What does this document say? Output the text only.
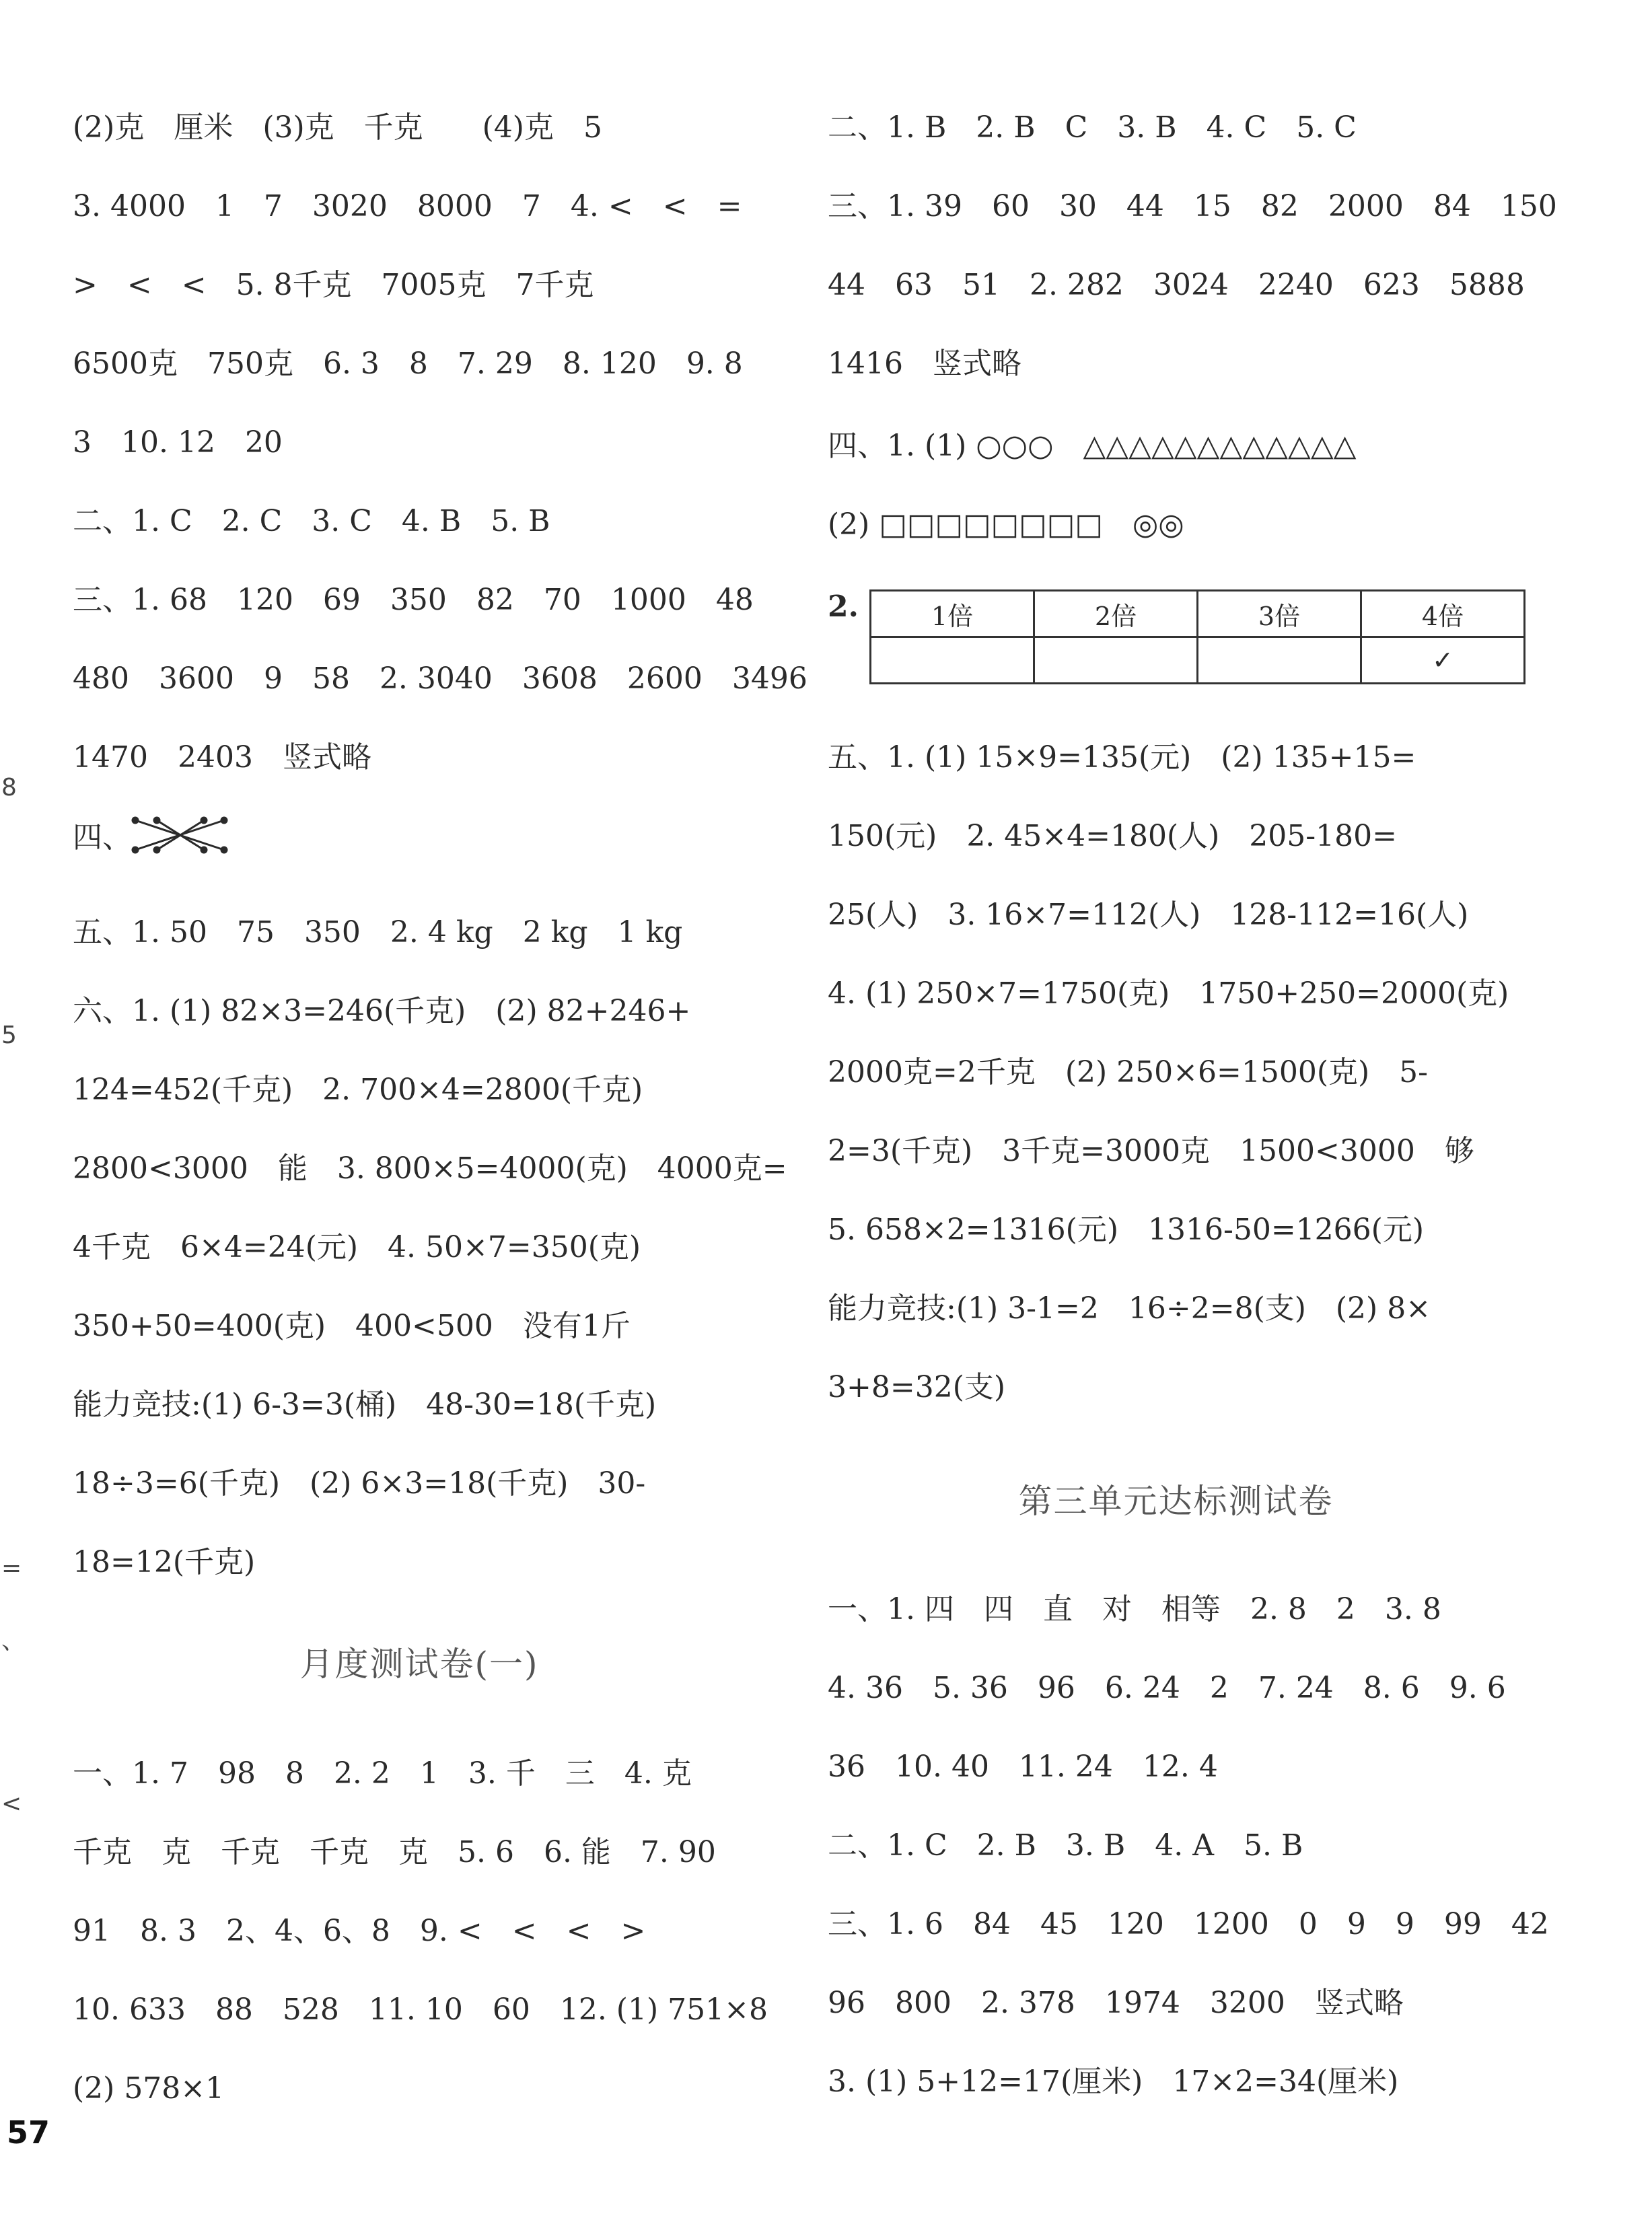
57
8
5
=
、
<
(2)克　厘米　(3)克　千克　　(4)克　5
3. 4000　1　7　3020　8000　7　4. <　<　=
>　<　<　5. 8千克　7005克　7千克
6500克　750克　6. 3　8　7. 29　8. 120　9. 8
3　10. 12　20
二、1. C　2. C　3. C　4. B　5. B
三、1. 68　120　69　350　82　70　1000　48
480　3600　9　58　2. 3040　3608　2600　3496
1470　2403　竖式略
四、
五、1. 50　75　350　2. 4 kg　2 kg　1 kg
六、1. (1) 82×3=246(千克)　(2) 82+246+
124=452(千克)　2. 700×4=2800(千克)
2800<3000　能　3. 800×5=4000(克)　4000克=
4千克　6×4=24(元)　4. 50×7=350(克)
350+50=400(克)　400<500　没有1斤
能力竞技:(1) 6-3=3(桶)　48-30=18(千克)
18÷3=6(千克)　(2) 6×3=18(千克)　30-
18=12(千克)
月度测试卷(一)
一、1. 7　98　8　2. 2　1　3. 千　三　4. 克
千克　克　千克　千克　克　5. 6　6. 能　7. 90
91　8. 3　2、4、6、8　9. <　<　<　>
10. 633　88　528　11. 10　60　12. (1) 751×8
(2) 578×1
二、1. B　2. B　C　3. B　4. C　5. C
三、1. 39　60　30　44　15　82　2000　84　150
44　63　51　2. 282　3024　2240　623　5888
1416　竖式略
四、1. (1) ○○○　△△△△△△△△△△△△
(2) □□□□□□□□　◎◎
2.	1倍	2倍	3倍	4倍
			✓
五、1. (1) 15×9=135(元)　(2) 135+15=
150(元)　2. 45×4=180(人)　205-180=
25(人)　3. 16×7=112(人)　128-112=16(人)
4. (1) 250×7=1750(克)　1750+250=2000(克)
2000克=2千克　(2) 250×6=1500(克)　5-
2=3(千克)　3千克=3000克　1500<3000　够
5. 658×2=1316(元)　1316-50=1266(元)
能力竞技:(1) 3-1=2　16÷2=8(支)　(2) 8×
3+8=32(支)
第三单元达标测试卷
一、1. 四　四　直　对　相等　2. 8　2　3. 8
4. 36　5. 36　96　6. 24　2　7. 24　8. 6　9. 6
36　10. 40　11. 24　12. 4
二、1. C　2. B　3. B　4. A　5. B
三、1. 6　84　45　120　1200　0　9　9　99　42
96　800　2. 378　1974　3200　竖式略
3. (1) 5+12=17(厘米)　17×2=34(厘米)
